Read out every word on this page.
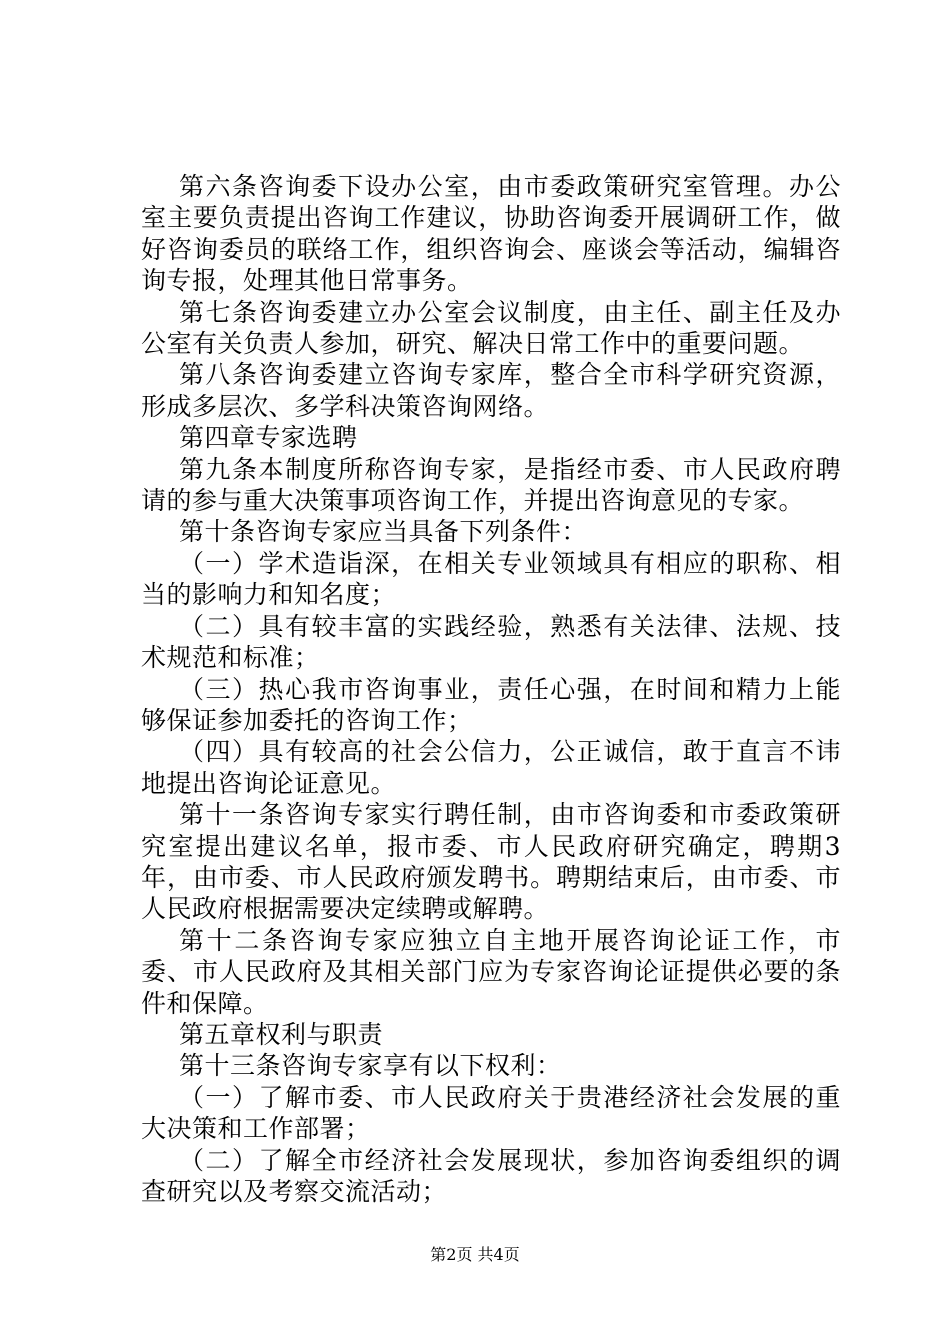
第六条咨询委下设办公室，由市委政策研究室管理。办公室主要负责提出咨询工作建议，协助咨询委开展调研工作，做好咨询委员的联络工作，组织咨询会、座谈会等活动，编辑咨询专报，处理其他日常事务。

第七条咨询委建立办公室会议制度，由主任、副主任及办公室有关负责人参加，研究、解决日常工作中的重要问题。

第八条咨询委建立咨询专家库，整合全市科学研究资源，形成多层次、多学科决策咨询网络。

第四章专家选聘

第九条本制度所称咨询专家，是指经市委、市人民政府聘请的参与重大决策事项咨询工作，并提出咨询意见的专家。

第十条咨询专家应当具备下列条件：

（一）学术造诣深，在相关专业领域具有相应的职称、相当的影响力和知名度；

（二）具有较丰富的实践经验，熟悉有关法律、法规、技术规范和标准；

（三）热心我市咨询事业，责任心强，在时间和精力上能够保证参加委托的咨询工作；

（四）具有较高的社会公信力，公正诚信，敢于直言不讳地提出咨询论证意见。

第十一条咨询专家实行聘任制，由市咨询委和市委政策研究室提出建议名单，报市委、市人民政府研究确定，聘期3年，由市委、市人民政府颁发聘书。聘期结束后，由市委、市人民政府根据需要决定续聘或解聘。

第十二条咨询专家应独立自主地开展咨询论证工作，市委、市人民政府及其相关部门应为专家咨询论证提供必要的条件和保障。

第五章权利与职责

第十三条咨询专家享有以下权利：

（一）了解市委、市人民政府关于贵港经济社会发展的重大决策和工作部署；

（二）了解全市经济社会发展现状，参加咨询委组织的调查研究以及考察交流活动；

第2页 共4页
